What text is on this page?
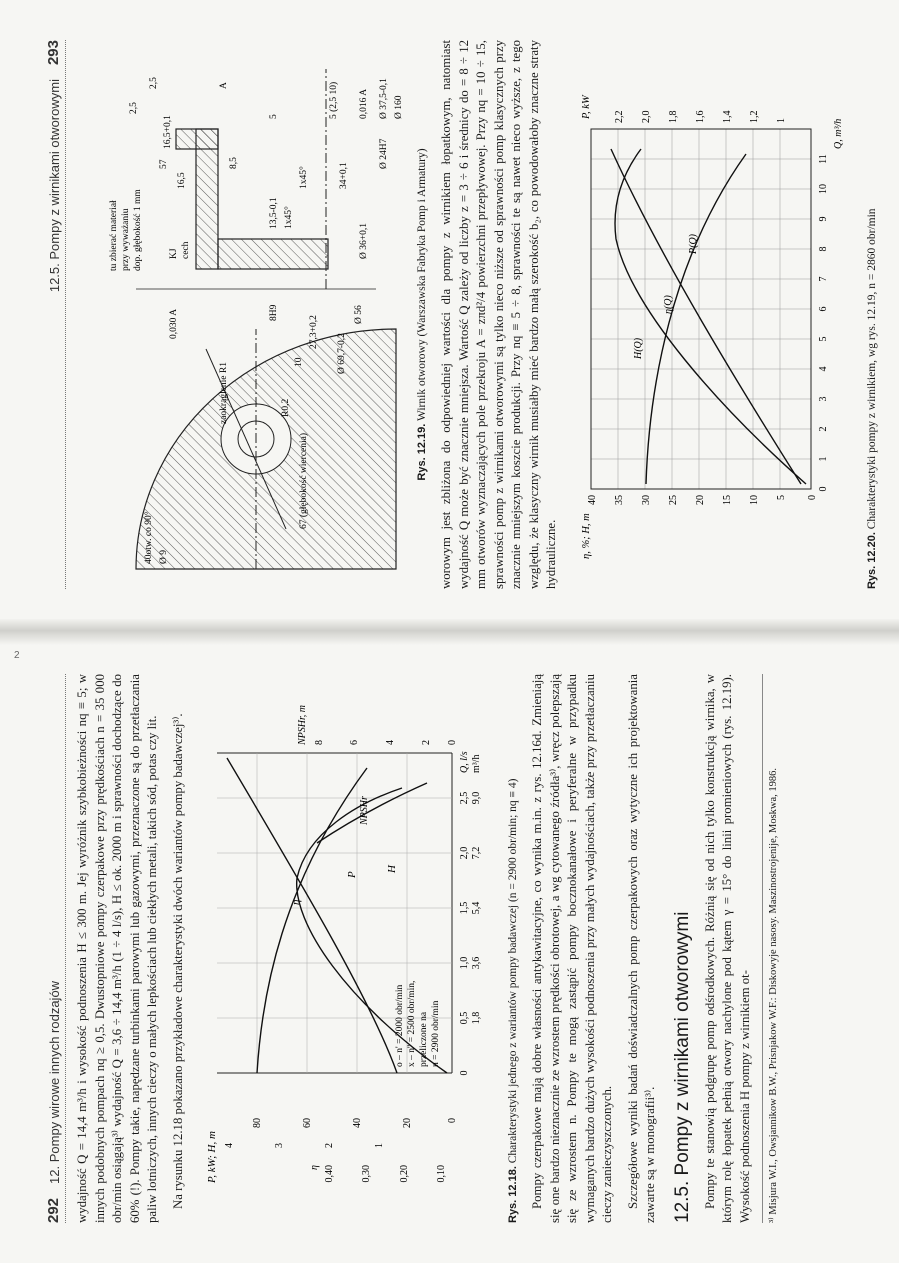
292
12. Pompy wirowe innych rodzajów wydajność Q = 14,4 m³/h i wysokość podnoszenia H ≤ 300 m. Jej wyróżnik szybkobieżności nq ≡ 5; w innych podobnych pompach nq ≥ 0,5. Dwustopniowe pompy czerpakowe przy prędkościach n = 35 000 obr/min osiągają³⁾ wydajność Q = 3,6 ÷ 14,4 m³/h (1 ÷ 4 l/s), H ≤ ok. 2000 m i sprawności dochodzące do 60% (!). Pompy takie, napędzane turbinkami parowymi lub gazowymi, przeznaczone są do przetłaczania paliw lotniczych, innych cieczy o małych lepkościach lub ciekłych metali, takich sód, potas czy lit. Na rysunku 12.18 pokazano przykładowe charakterystyki dwóch wariantów pompy badawczej³⁾. P, kW; H, m 4	3	2	1
80	60	40	20	0
η 0,40	0,30	0,20	0,10
NPSHr, m 8 6	4	2 0
0
0,5
1,0
1,5
2,0
2,5
1,8
3,6
5,4
7,2
9,0
Q, l/s m³/h
P
H
η
NPSHr
o – n' = 2000 obr/min x – n'' = 2500 obr/min, przeliczone na n = 2900 obr/min

Rys. 12.18. Charakterystyki jednego z wariantów pompy badawczej (n = 2900 obr/min; nq ≡ 4) Pompy czerpakowe mają dobre własności antykawitacyjne, co wynika m.in. z rys. 12.16d. Zmieniają się one bardzo nieznacznie ze wzrostem prędkości obrotowej, a wg cytowanego źródła³⁾, wręcz polepszają się ze wzrostem n. Pompy te mogą zastąpić pompy bocznokanałowe i peryferalne w przypadku wymaganych bardzo dużych wysokości podnoszenia przy małych wydajnościach, także przy przetłaczaniu cieczy zanieczyszczonych. Szczegółowe wyniki badań doświadczalnych pomp czerpakowych oraz wytyczne ich projektowania zawarte są w monografii³⁾. 12.5. Pompy z wirnikami otworowymi Pompy te stanowią podgrupę pomp odśrodkowych. Różnią się od nich tylko konstrukcją wirnika, w którym rolę łopatek pełnią otwory nachylone pod kątem γ = 15° do linii promieniowych (rys. 12.19). Wysokość podnoszenia H pompy z wirnikiem ot-	³⁾ Misjura W.I., Owsjannikow B.W., Prisnjakow W.F.: Diskowyje nasosy. Maszinostrojenije, Moskwa, 1986.
12.5. Pompy z wirnikami otworowymi
293
40otw. co 90° Ø 9
67 (głębokość wiercenia)
zaokrąglenie R1	R0,2
10
27,3+0,2
Ø 69,7-0,2
Ø 56
Ø 36+0,1
Ø 24H7
Ø 37,5-0,1 Ø 160
57
16,5
16,5+0,1
8,5
13,5-0,1 1x45°
1x45°	34+0,1
8H9
tu zbierać materiał przy wyważaniu dop. głębokość 1 mm	KJ cech
0,030 A
0,016 A
A
2,5
2,5
5	5 (2,5 10)

Rys. 12.19. Wirnik otworowy (Warszawska Fabryka Pomp i Armatury) worowym jest zbliżona do odpowiedniej wartości dla pompy z wirnikiem łopatkowym, natomiast wydajność Q może być znacznie mniejsza. Wartość Q zależy od liczby z = 3 ÷ 6 i średnicy do = 8 ÷ 12 mm otworów wyznaczających pole przekroju A = zπd²/4 powierzchni przepływowej. Przy nq = 10 ÷ 15, sprawności pomp z wirnikami otworowymi są tylko nieco niższe od sprawności pomp klasycznych przy znacznie mniejszym koszcie produkcji. Przy nq ≡ 5 ÷ 8, sprawności te są nawet nieco wyższe, z tego względu, że klasyczny wirnik musiałby mieć bardzo małą szerokość b₂, co powodowałoby znaczne straty hydrauliczne. η, %; H, m
P, kW
40 35 30 25 20 15 10 5 0
2,2 2,0 1,8 1,6 1,4 1,2 1
0
1
2
3
4
5
6
7
8
9
10
11
Q, m³/h
H(Q)
η(Q)
P(Q)

Rys. 12.20. Charakterystyki pompy z wirnikiem, wg rys. 12.19, n = 2860 obr/min

2
